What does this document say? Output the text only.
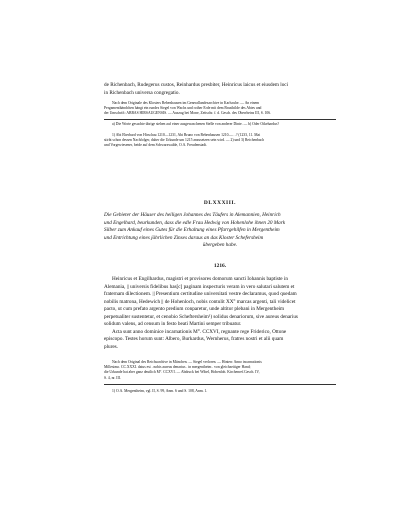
de Richenbach, Rudegerus custos, Reinhardus presbiter, Heinricus laicus et eiusdem loci
in Richenbach universa congregatio.
Nach dem Originale des Klosters Bebenhausen im Generallandesarchive in Karlsruhe. — An einem
Pergamentbändchen hängt ein rundes Siegel von Wachs und rother Erde mit dem Brustbilde des Abtes und
der Umschrift: ABBAS HIRSAUGENSIS. — Auszug bei Mone, Zeitschr. f. d. Gesch. des Oberrheins III, S. 106.
a) Die Worte gesuchte übrige stehen auf einer ausgewaschenen Stelle von anderer Dinte. — b) Oder Otkehardus?
1) Abt Eberhard von Hirschau 1210—1231, Abt Bruno von Bebenhausen 1210—…? (1233, 11. Mai
stirbt schon dessen Nachfolger, daher die Urkunde um 1215 anzusetzen sein wird. — 2) und 3) Reichenbach
und Vorgewiesener, beide auf dem Schwarzwalde, O.A. Freudenstadt.
DLXXXIII.
Die Gebieter der Häuser des heiligen Johannes des Täufers in Alemannien, Heinrich
und Engelhard, beurkunden, dass die edle Frau Hedwig von Hohenlohe ihnen 20 Mark
Silber zum Ankauf eines Gutes für die Erhaltung eines Pfarrgehilfen in Mergentheim
und Entrichtung eines jährlichen Zinses daraus an das Kloster Schefersheim
übergeben habe.
1216.
Heinricus et Engilhardus, magistri et provisores domorum sancti Iohannis baptiste in
Alemania, || universis fidelibus has[c] paginam inspecturis veram in vero salutari salutem et
fraternam dilectionem. || Presentium certitudine universitati vestre declaramus, quod quedam
nobilis matrona, Hedewich || de Hohenloch, nobis contulit XX° marcas argenti, tali videlicet
pacto, ut cum prefato argento predium conparetur, unde altitor plebani in Mergentheim
perpetualiter sustentetur, et cenobio Scheftersheim¹) solidus denariorum, sive aureus denarius
solidum valens, ad censum in festo beati Martini semper tribuatur.
Acta sunt anno dominice incarnationis M°. CCXVI, regnante rege Friderico, Ottone
episcopo. Testes horum sunt: Albero, Burkardus, Wernherus, fratres nostri et alii quam
plures.
Nach dem Original des Reichsarchive in München. — Siegel verloren. — Hinten: Anno incarnationis
Millesimo. CC.XXXI. datus est . nobis aureus denarius . in mergentheim . von gleichzeitiger Hand;
die Urkunde hat aber ganz deutlich M°. CCXVI. — Abdruck bei Wibel, Hohenloh. Kirchenref.Gesch. IV,
S. 4, nr. III.
1) O.A. Mergentheim, vgl. II, S. 99, Anm. 6 und S. 108, Anm. 1.
